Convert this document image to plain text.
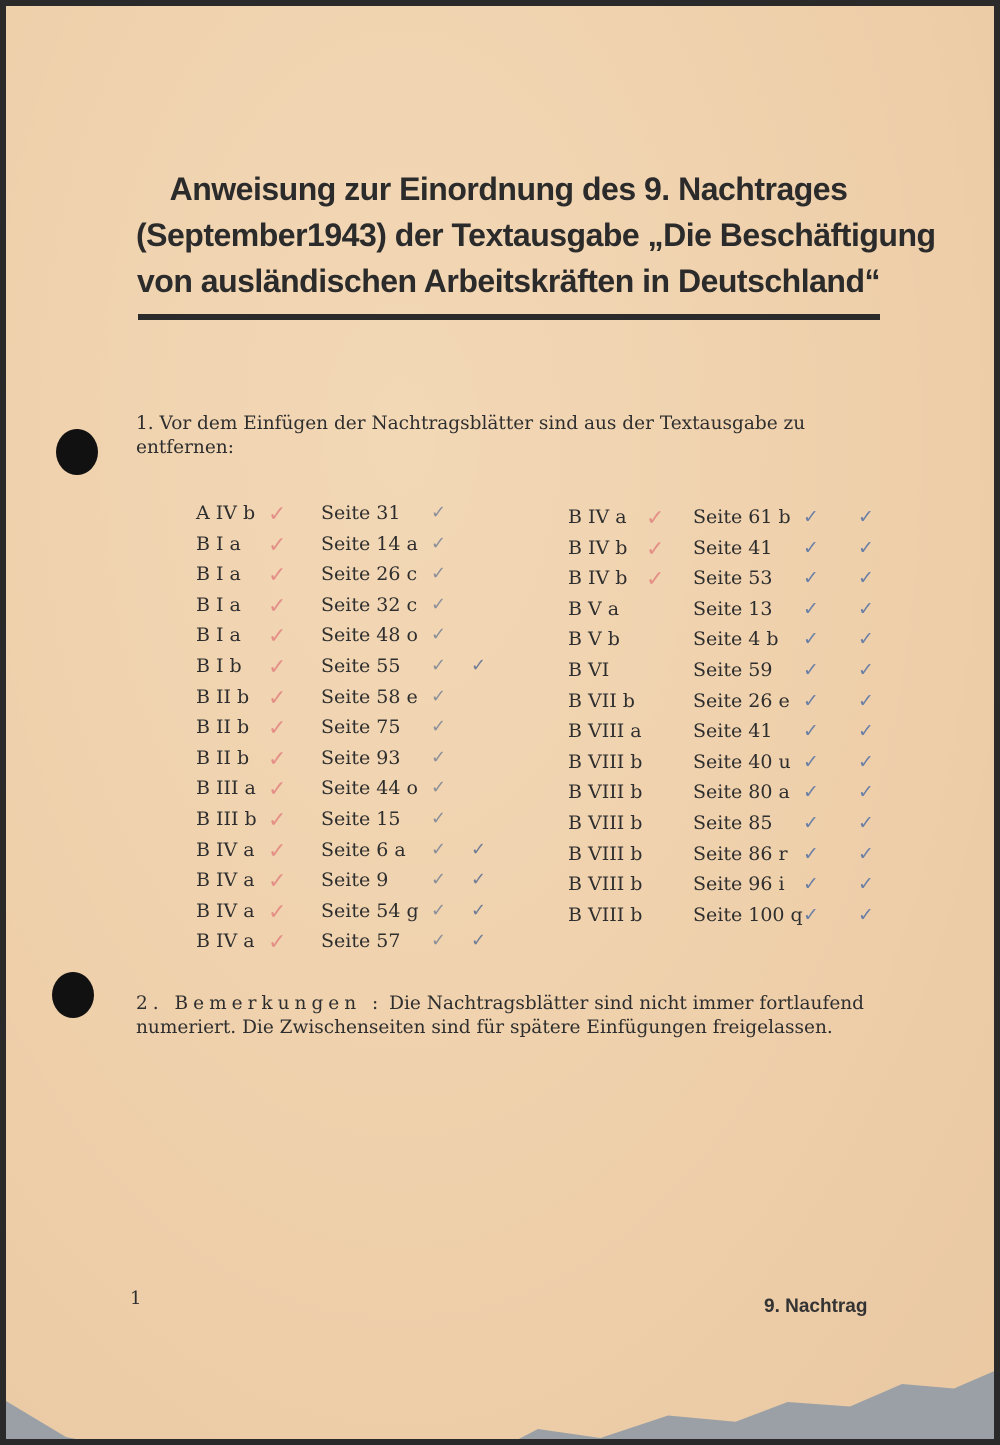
Anweisung zur Einordnung des 9. Nachtrages
(September1943) der Textausgabe „Die Beschäftigung
von ausländischen Arbeitskräften in Deutschland“
1. Vor dem Einfügen der Nachtragsblätter sind aus der Textausgabe zu entfernen:
A IV b ✓ Seite 31 ✓
B I a ✓ Seite 14 a ✓
B I a ✓ Seite 26 c ✓
B I a ✓ Seite 32 c ✓
B I a ✓ Seite 48 o ✓
B I b ✓ Seite 55 ✓ ✓
B II b ✓ Seite 58 e ✓
B II b ✓ Seite 75 ✓
B II b ✓ Seite 93 ✓
B III a ✓ Seite 44 o ✓
B III b ✓ Seite 15 ✓
B IV a ✓ Seite 6 a ✓ ✓
B IV a ✓ Seite 9 ✓ ✓
B IV a ✓ Seite 54 g ✓ ✓
B IV a ✓ Seite 57 ✓ ✓
B IV a ✓ Seite 61 b ✓ ✓
B IV b ✓ Seite 41 ✓ ✓
B IV b ✓ Seite 53 ✓ ✓
B V a	Seite 13 ✓ ✓
B V b	Seite 4 b ✓ ✓
B VI	Seite 59 ✓ ✓
B VII b	Seite 26 e ✓ ✓
B VIII a	Seite 41 ✓ ✓
B VIII b	Seite 40 u ✓ ✓
B VIII b	Seite 80 a ✓ ✓
B VIII b	Seite 85 ✓ ✓
B VIII b	Seite 86 r ✓ ✓
B VIII b	Seite 96 i ✓ ✓
B VIII b	Seite 100 q ✓ ✓
2. Bemerkungen : Die Nachtragsblätter sind nicht immer fortlaufend numeriert. Die Zwischenseiten sind für spätere Einfügungen freigelassen.
1	9. Nachtrag
